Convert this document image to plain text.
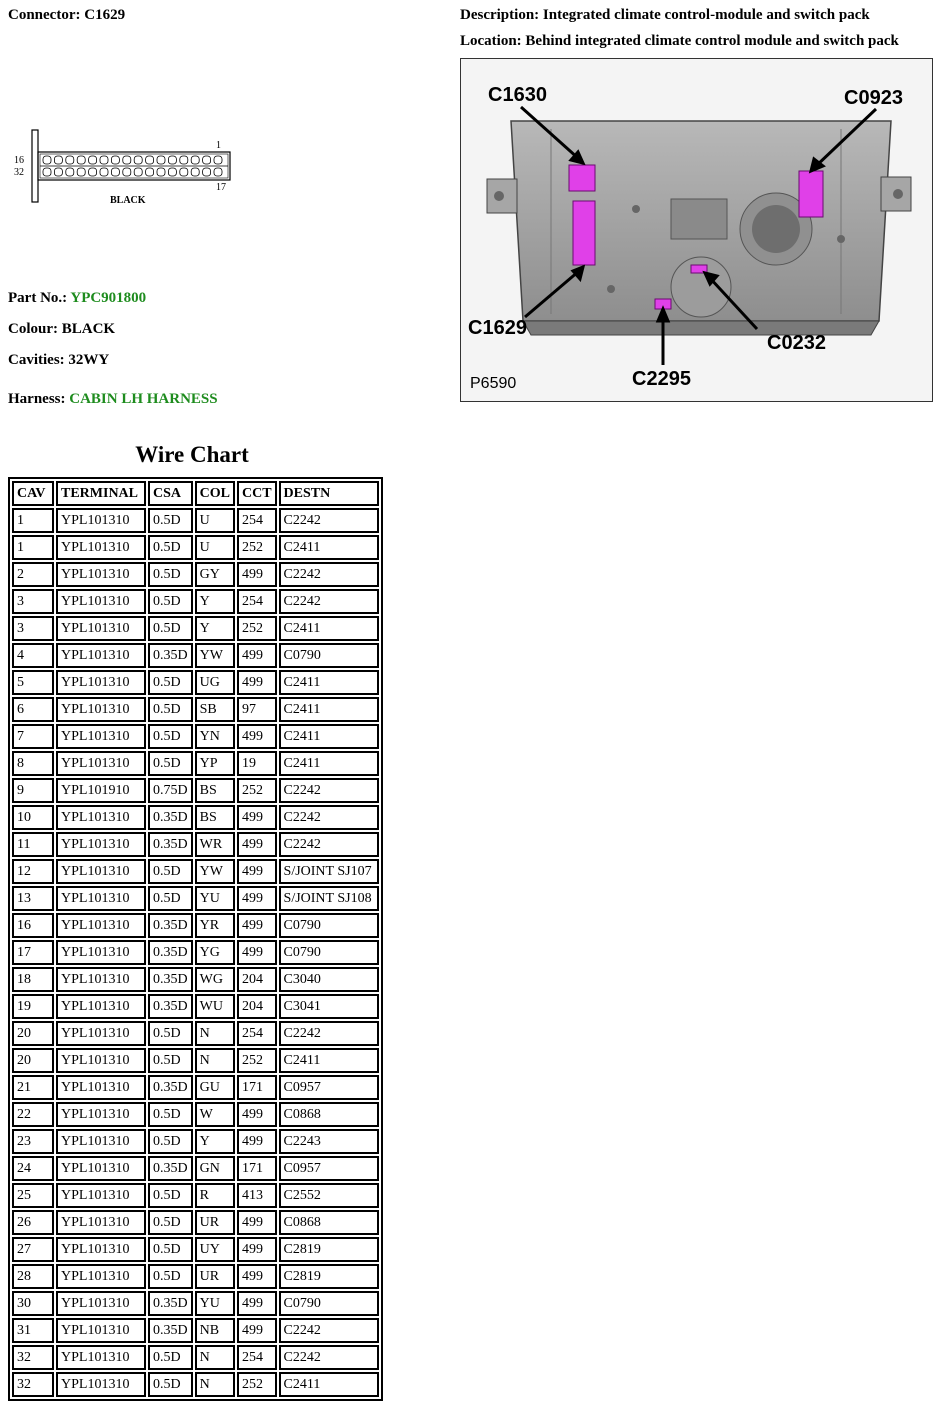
Connector: C1629	Description: Integrated climate control-module and switch pack
Location: Behind integrated climate control module and switch pack
1
16
32
17
BLACK
Part No.: YPC901800
Colour: BLACK
Cavities: 32WY
Harness: CABIN LH HARNESS
C1630	C0923
C1629
C0232
C2295
P6590
Wire Chart
CAV	TERMINAL	CSA	COL	CCT	DESTN
1	YPL101310	0.5D	U	254	C2242
1	YPL101310	0.5D	U	252	C2411
2	YPL101310	0.5D	GY	499	C2242
3	YPL101310	0.5D	Y	254	C2242
3	YPL101310	0.5D	Y	252	C2411
4	YPL101310	0.35D	YW	499	C0790
5	YPL101310	0.5D	UG	499	C2411
6	YPL101310	0.5D	SB	97	C2411
7	YPL101310	0.5D	YN	499	C2411
8	YPL101310	0.5D	YP	19	C2411
9	YPL101910	0.75D	BS	252	C2242
10	YPL101310	0.35D	BS	499	C2242
11	YPL101310	0.35D	WR	499	C2242
12	YPL101310	0.5D	YW	499	S/JOINT SJ107
13	YPL101310	0.5D	YU	499	S/JOINT SJ108
16	YPL101310	0.35D	YR	499	C0790
17	YPL101310	0.35D	YG	499	C0790
18	YPL101310	0.35D	WG	204	C3040
19	YPL101310	0.35D	WU	204	C3041
20	YPL101310	0.5D	N	254	C2242
20	YPL101310	0.5D	N	252	C2411
21	YPL101310	0.35D	GU	171	C0957
22	YPL101310	0.5D	W	499	C0868
23	YPL101310	0.5D	Y	499	C2243
24	YPL101310	0.35D	GN	171	C0957
25	YPL101310	0.5D	R	413	C2552
26	YPL101310	0.5D	UR	499	C0868
27	YPL101310	0.5D	UY	499	C2819
28	YPL101310	0.5D	UR	499	C2819
30	YPL101310	0.35D	YU	499	C0790
31	YPL101310	0.35D	NB	499	C2242
32	YPL101310	0.5D	N	254	C2242
32	YPL101310	0.5D	N	252	C2411
